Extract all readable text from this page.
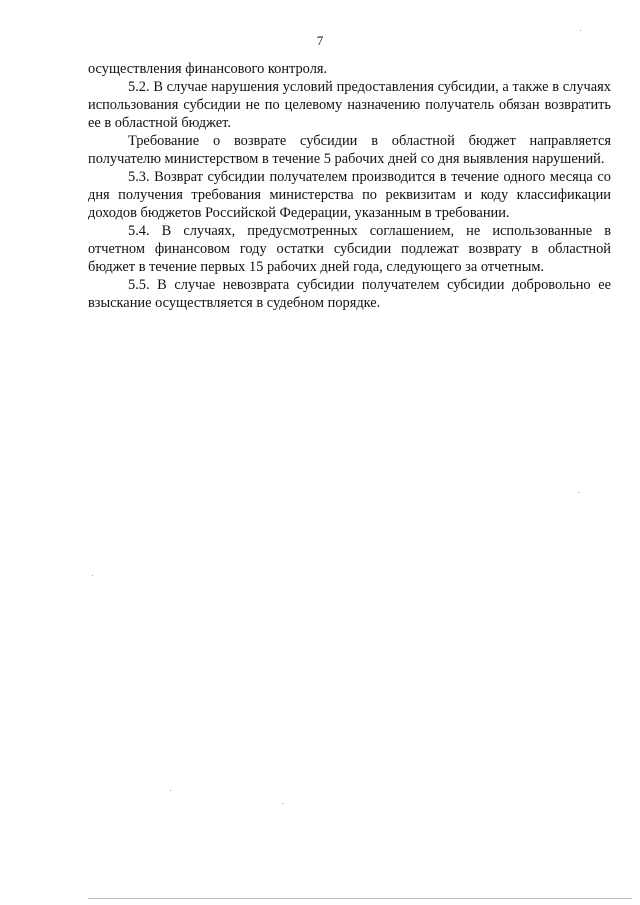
7

осуществления финансового контроля.

5.2. В случае нарушения условий предоставления субсидии, а также в случаях использования субсидии не по целевому назначению получатель обязан возвратить ее в областной бюджет.

Требование о возврате субсидии в областной бюджет направляется получателю министерством в течение 5 рабочих дней со дня выявления нарушений.

5.3. Возврат субсидии получателем производится в течение одного месяца со дня получения требования министерства по реквизитам и коду классификации доходов бюджетов Российской Федерации, указанным в требовании.

5.4. В случаях, предусмотренных соглашением, не использованные в отчетном финансовом году остатки субсидии подлежат возврату в областной бюджет в течение первых 15 рабочих дней года, следующего за отчетным.

5.5. В случае невозврата субсидии получателем субсидии добровольно ее взыскание осуществляется в судебном порядке.
